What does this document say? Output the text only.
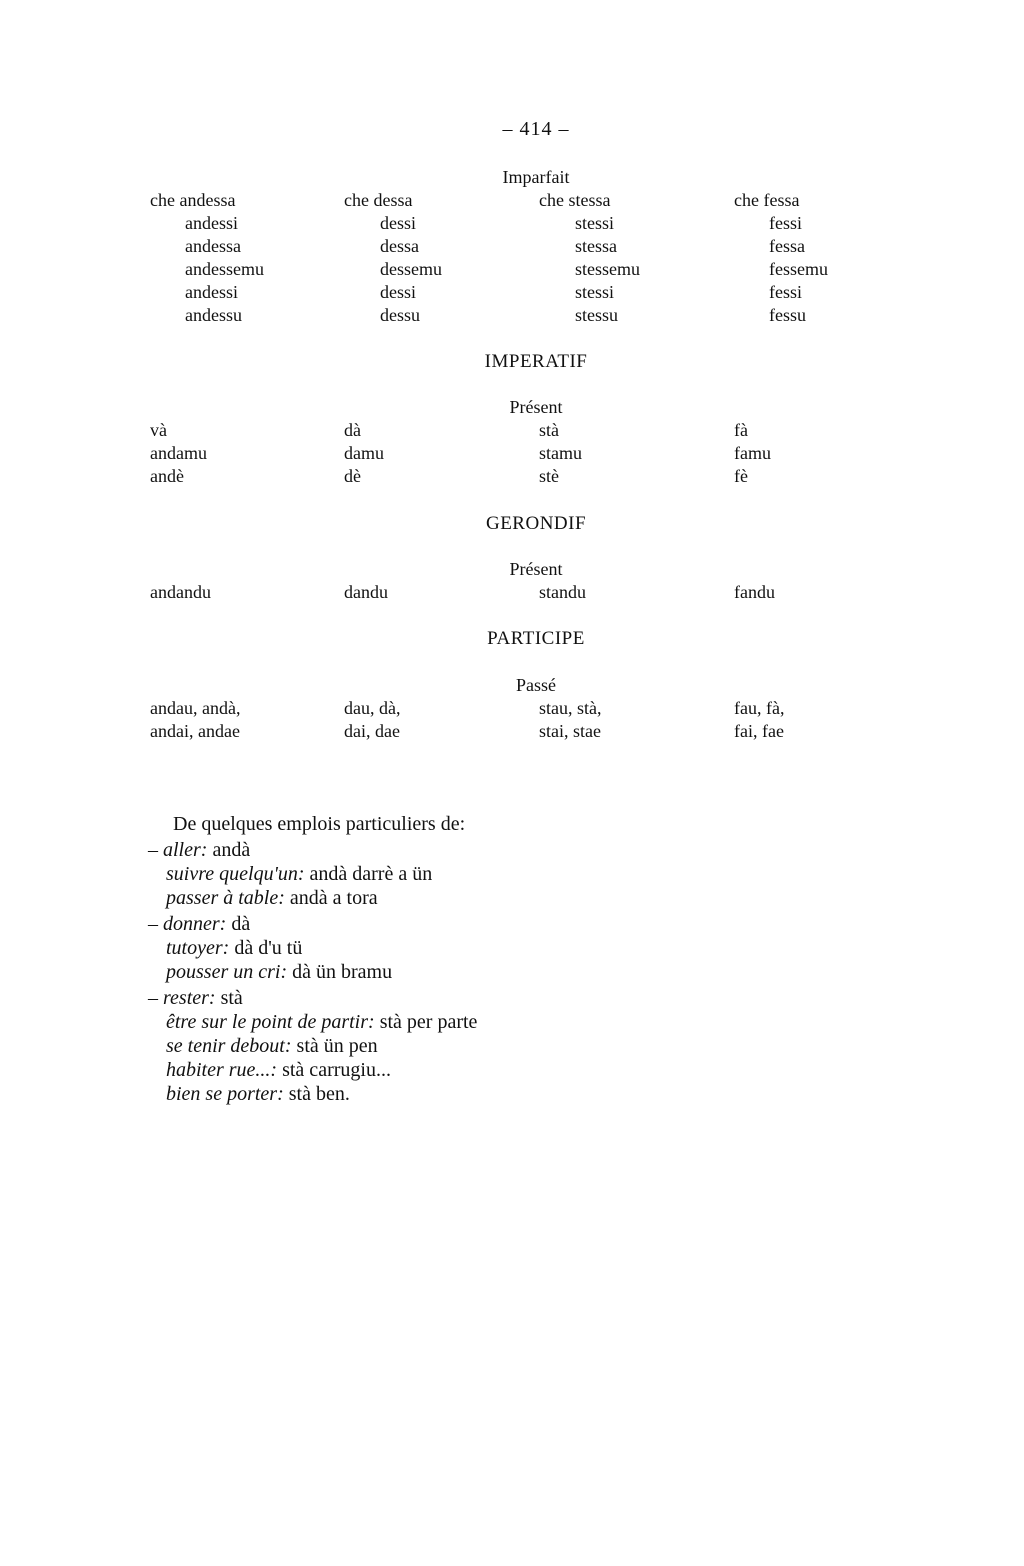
– 414 –
Imparfait
che andessa	che dessa	che stessa	che fessa
andessi	dessi	stessi	fessi
andessa	dessa	stessa	fessa
andessemu	dessemu	stessemu	fessemu
andessi	dessi	stessi	fessi
andessu	dessu	stessu	fessu
IMPERATIF
Présent
và	dà	stà	fà
andamu	damu	stamu	famu
andè	dè	stè	fè
GERONDIF
Présent
andandu	dandu	standu	fandu
PARTICIPE
Passé
andau, andà,	dau, dà,	stau, stà,	fau, fà,
andai, andae	dai, dae	stai, stae	fai, fae
De quelques emplois particuliers de:
– aller: andà
suivre quelqu'un: andà darrè a ün
passer à table: andà a tora
– donner: dà
tutoyer: dà d'u tü
pousser un cri: dà ün bramu
– rester: stà
être sur le point de partir: stà per parte
se tenir debout: stà ün pen
habiter rue...: stà carrugiu...
bien se porter: stà ben.
